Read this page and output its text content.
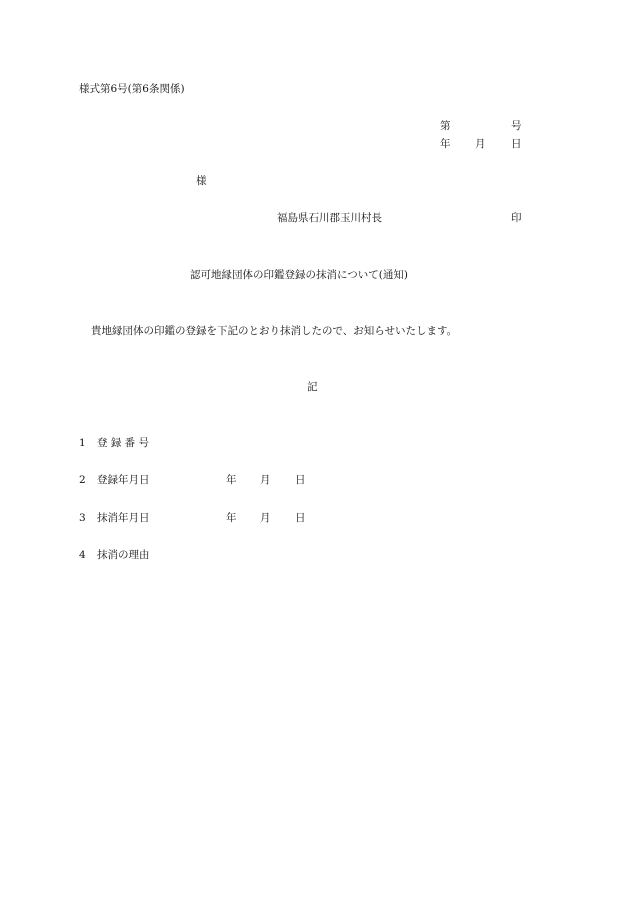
様式第6号(第6条関係)
第	号
年 月 日
様
福島県石川郡玉川村長	印
認可地縁団体の印鑑登録の抹消について(通知)
貴地縁団体の印鑑の登録を下記のとおり抹消したので、お知らせいたします。
記
1 登 録 番 号
2 登録年月日	年 月 日
3 抹消年月日	年 月 日
4 抹消の理由
